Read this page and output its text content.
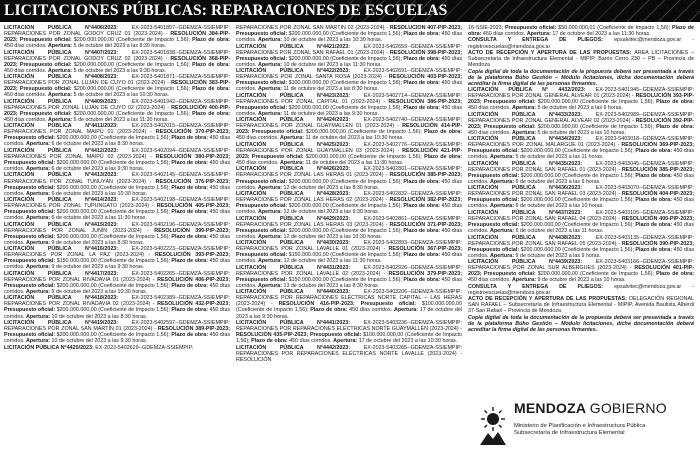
LICITACIONES PÚBLICAS: REPARACIONES DE ESCUELAS

LICITACIÓN PÚBLICA N°4406/2023: EX-2023-5401807--GDEMZA-SSIEMPIP: REPARACIONES POR ZONAL GODOY CRUZ 01 (2023-2024) - RESOLUCIÓN 384-PIP-2023; Presupuesto oficial: $200.000.000,00 (Coeficiente de Impacto 1,56); Plazo de obra: 450 días corridos. Apertura: 5 de octubre del 2023 a las 8:30 horas.

LICITACIÓN PÚBLICA N°4407/2023: EX-2023-5401838--GDEMZA-SSIEMPIP: REPARACIONES POR ZONAL GODOY CRUZ 02 (2023-2024) - RESOLUCIÓN 368-PIP-2023; Presupuesto oficial: $200.000.000,00 (Coeficiente de Impacto 1,56); Plazo de obra: 450 días corridos. Apertura: 5 de octubre del 2023 a las 9:30 horas.

LICITACIÓN PÚBLICA N°4408/2023: EX-2023-5401871--GDEMZA-SSIEMPIP: REPARACIONES POR ZONAL LUJÁN DE CUYO 01 (2023-2024) - RESOLUCIÓN 383-PIP-2023; Presupuesto oficial: $200.000.000,00 (Coeficiente de Impacto 1,56); Plazo de obra: 450 días corridos. Apertura: 5 de octubre del 2023 a las 10:30 horas.

LICITACIÓN PÚBLICA N°4409/2023: EX-2023-5401942--GDEMZA-SSIEMPIP: REPARACIONES POR ZONAL LUJÁN DE CUYO 02 (2023-2024) - RESOLUCIÓN 400-PIP-2023; Presupuesto oficial: $200.000.000,00 (Coeficiente de Impacto 1,56); Plazo de obra: 450 días corridos. Apertura: 5 de octubre del 2023 a las 11:30 horas.

LICITACIÓN PÚBLICA N°4411/2023: EX-2023-5402015--GDEMZA-SSIEMPIP: REPARACIONES POR ZONAL MAIPÚ 01 (2023-2024) - RESOLUCIÓN 370-PIP-2023; Presupuesto oficial: $200.000.000,00 (Coeficiente de Impacto 1,56); Plazo de obra: 450 días corridos. Apertura: 6 de octubre del 2023 a las 8:30 horas.

LICITACIÓN PÚBLICA N°4412/2023: EX-2023-5402094--GDEMZA-SSIEMPIP: REPARACIONES POR ZONAL MAIPÚ 02 (2023-2024) - RESOLUCIÓN 380-PIP-2023; Presupuesto oficial: $200.000.000,00 (Coeficiente de Impacto 1,56); Plazo de obra: 450 días corridos. Apertura: 6 de octubre del 2023 a las 9:30 horas.

LICITACIÓN PÚBLICA N°4413/2023: EX-2023-5402145--GDEMZA-SSIEMPIP: REPARACIONES POR ZONAL TUNUYÁN (2023-2024) - RESOLUCIÓN 376-PIP-2023; Presupuesto oficial: $200.000.000,00 (Coeficiente de Impacto 1,56); Plazo de obra: 450 días corridos. Apertura: 6 de octubre del 2023 a las 10:30 horas.

LICITACIÓN PÚBLICA N°4414/2023: EX-2023-5402198--GDEMZA-SSIEMPIP: REPARACIONES POR ZONAL TUPUNGATO (2023-2024) - RESOLUCIÓN 405-PIP-2023; Presupuesto oficial: $200.000.000,00 (Coeficiente de Impacto 1,56); Plazo de obra: 450 días corridos. Apertura: 6 de octubre del 2023 a las 11:30 horas.

LICITACIÓN PÚBLICA N°4415/2023: EX-2023-5402196--GDEMZA-SSIEMPIP: REPARACIONES POR ZONAL JUNÍN (2023-2024) - RESOLUCIÓN 399-PIP-2023; Presupuesto oficial: $200.000.000,00 (Coeficiente de Impacto 1,56); Plazo de obra: 450 días corridos. Apertura: 9 de octubre del 2023 a las 8:30 horas.

LICITACIÓN PÚBLICA N°4416/2023: EX-2023-5402223--GDEMZA-SSIEMPIP: REPARACIONES POR ZONAL LA PAZ (2023-2024) - RESOLUCIÓN 393-PIP-2023; Presupuesto oficial: $150.000.000,00 (Coeficiente de Impacto 1,56); Plazo de obra: 450 días corridos. Apertura: 9 de octubre del 2023 a las 9:30 horas.

LICITACIÓN PÚBLICA N°4417/2023: EX-2023-5402265--GDEMZA-SSIEMPIP: REPARACIONES POR ZONAL RIVADAVIA 01 (2023-2024) - RESOLUCIÓN 406-PIP-2023; Presupuesto oficial: $200.000.000,00 (Coeficiente de Impacto 1,56); Plazo de obra: 450 días corridos. Apertura: 9 de octubre del 2023 a las 10:30 horas.

LICITACIÓN PÚBLICA N°4418/2023: EX-2023-5402389--GDEMZA-SSIEMPIP: REPARACIONES POR ZONAL RIVADAVIA 02 (2023-2024) - RESOLUCIÓN 432-PIP-2023; Presupuesto oficial: $200.000.000,00 (Coeficiente de Impacto 1,56); Plazo de obra: 450 días corridos. Apertura: 10 de octubre del 2023 a las 8:30 horas.

LICITACIÓN PÚBLICA N°4419/2023: EX-2023-5402597--GDEMZA-SSIEMPIP: REPARACIONES POR ZONAL SAN MARTÍN 01 (2023-2024) - RESOLUCIÓN 389-PIP-2023; Presupuesto oficial: $200.000.000,00 (Coeficiente de Impacto 1,56); Plazo de obra: 450 días corridos. Apertura: 10 de octubre del 2023 a las 9:30 horas.

LICITACIÓN PÚBLICA N°4420/2023: EX-2023-5402629--GDEMZA-SSIEMPIP:

REPARACIONES POR ZONAL SAN MARTÍN 02 (2023-2024) - RESOLUCIÓN 407-PIP-2023; Presupuesto oficial: $200.000.000,00 (Coeficiente de Impacto 1,56); Plazo de obra: 450 días corridos. Apertura: 10 de octubre del 2023 a las 10:30 horas.

LICITACIÓN PÚBLICA N°4421/2023: EX-2023-5402659--GDEMZA-SSIEMPIP: REPARACIONES POR ZONAL SAN RAFAEL 01 (2023-2024) - RESOLUCIÓN 398-PIP-2023; Presupuesto oficial: $200.000.000,00 (Coeficiente de Impacto 1,56); Plazo de obra: 450 días corridos. Apertura: 10 de octubre del 2023 a las 11:30 horas.

LICITACIÓN PÚBLICA N°4422/2023: EX-2023-5402691--GDEMZA-SSIEMPIP: REPARACIONES POR ZONAL SANTA ROSA (2023-2024) - RESOLUCIÓN 403-PIP-2023; Presupuesto oficial: $100.000.000,00 (Coeficiente de Impacto 1,56); Plazo de obra: 450 días corridos. Apertura: 11 de octubre del 2023 a las 8:30 horas.

LICITACIÓN PÚBLICA N°4423/2023: EX-2023-5402714--GDEMZA-SSIEMPIP: REPARACIONES POR ZONAL CAPITAL 01 (2023-2024) - RESOLUCIÓN 386-PIP-2023; Presupuesto oficial: $200.000.000,00 (Coeficiente de Impacto 1,56); Plazo de obra: 450 días corridos. Apertura: 11 de octubre del 2023 a las 9:30 horas.

LICITACIÓN PÚBLICA N°4424/2023: EX-2023-5402740--GDEMZA-SSIEMPIP: REPARACIONES POR ZONAL GUAYMALLÉN 01 (2023-2024) - RESOLUCIÓN 414-PIP-2023; Presupuesto oficial: $200.000.000,00 (Coeficiente de Impacto 1,56); Plazo de obra: 450 días corridos. Apertura: 11 de octubre del 2023 a las 10:30 horas.

LICITACIÓN PÚBLICA N°4425/2023: EX-2023-5402776--GDEMZA-SSIEMPIP: REPARACIONES POR ZONAL GUAYMALLÉN 03 (2023-2024) - RESOLUCIÓN 421-PIP-2023; Presupuesto oficial: $200.000.000,00 (Coeficiente de Impacto 1,56); Plazo de obra: 450 días corridos. Apertura: 11 de octubre del 2023 a las 11:30 horas.

LICITACIÓN PÚBLICA N°4426/2023: EX-2023-5402801--GDEMZA-SSIEMPIP: REPARACIONES POR ZONAL LAS HERAS 01 (2023-2024) - RESOLUCIÓN 385-PIP-2023; Presupuesto oficial: $200.000.000,00 (Coeficiente de Impacto 1,56); Plazo de obra: 450 días corridos. Apertura: 12 de octubre del 2023 a las 8:30 horas.

LICITACIÓN PÚBLICA N°4428/2023: EX-2023-5402832--GDEMZA-SSIEMPIP: REPARACIONES POR ZONAL LAS HERAS 02 (2023-2024) - RESOLUCIÓN 382-PIP-2023; Presupuesto oficial: $200.000.000,00 (Coeficiente de Impacto 1,56); Plazo de obra: 450 días corridos. Apertura: 12 de octubre del 2023 a las 9:30 horas.

LICITACIÓN PÚBLICA N°4429/2023: EX-2023-5402861--GDEMZA-SSIEMPIP: REPARACIONES POR ZONAL LAS HERAS 03 (2023-2024) - RESOLUCIÓN 371-PIP-2023; Presupuesto oficial: $200.000.000,00 (Coeficiente de Impacto 1,56); Plazo de obra: 450 días corridos. Apertura: 12 de octubre del 2023 a las 10:30 horas.

LICITACIÓN PÚBLICA N°4430/2023: EX-2023-5402893--GDEMZA-SSIEMPIP: REPARACIONES POR ZONAL LAVALLE 01 (2023-2024) - RESOLUCIÓN 367-PIP-2023; Presupuesto oficial: $150.000.000,00 (Coeficiente de Impacto 1,56); Plazo de obra: 450 días corridos. Apertura: 12 de octubre del 2023 a las 11:30 horas.

LICITACIÓN PÚBLICA N°4431/2023: EX-2023-5402926--GDEMZA-SSIEMPIP: REPARACIONES POR ZONAL LAVALLE 02 (2023-2024) - RESOLUCIÓN 379-PIP-2023; Presupuesto oficial: $150.000.000,00 (Coeficiente de Impacto 1,56); Plazo de obra: 450 días corridos. Apertura: 13 de octubre del 2023 a las 8:30 horas.

LICITACIÓN PÚBLICA N°4440/2023: EX-2023-5403206--GDEMZA-SSIEMPIP: REPARACIONES POR REPARACIONES ELÉCTRICAS NORTE CAPITAL – LAS HERAS (2023-2024) - RESOLUCIÓN 416-PIP-2023; Presupuesto oficial: $100.000.000,00 (Coeficiente de Impacto 1,56); Plazo de obra: 450 días corridos. Apertura: 17 de octubre del 2023 a las 9:30 horas.

LICITACIÓN PÚBLICA N°4441/2023: EX-2023-5403236--GDEMZA-SSIEMPIP: REPARACIONES POR REPARACIONES ELÉCTRICAS NORTE GUAYMALLÉN (2023-2024) - RESOLUCIÓN 435-PIP-2023; Presupuesto oficial: $100.000.000,00 (Coeficiente de Impacto 1,56); Plazo de obra: 450 días corridos. Apertura: 17 de octubre del 2023 a las 10:30 horas.

LICITACIÓN PÚBLICA N°4442/2023: EX-2023-5403265--GDEMZA-SSIEMPIP: REPARACIONES POR REPARACIONES ELÉCTRICAS NORTE LAVALLE (2023-2024) - RESOLUCIÓN

16-SSIE-2023; Presupuesto oficial: $50.000.000,01 (Coeficiente de Impacto 1,56); Plazo de obra: 450 días corridos. Apertura: 17 de octubre del 2023 a las 11:30 horas.

CONSULTA Y ENTREGA DE PLIEGOS: epsalvitec@mendoza.gov.ar - registroescuelas@mendoza.gov.ar

ACTO DE RECEPCIÓN Y APERTURA DE LAS PROPUESTAS: ÁREA LICITACIONES – Subsecretaría de Infraestructura Elemental - MIPIP, Barrio Cerro 230 – PB – Provincia de Mendoza

Copia digital de toda la documentación de la propuesta deberá ser presentada a través de la plataforma Búho Gestión – Módulo licitaciones, dicha documentación deberá acreditar la firma digital de las personas firmantes.

LICITACIÓN PÚBLICA N° 4432/2023: EX-2023-5401945--GDEMZA-SSIEMPIP: REPARACIONES POR ZONAL GENERAL ALVEAR 01 (2023-2024) - RESOLUCIÓN 393-PIP-2023; Presupuesto oficial: $200.000.000,00 (Coeficiente de Impacto 1,56); Plazo de obra: 450 días corridos. Apertura: 5 de octubre del 2023 a las 9 horas.

LICITACIÓN PÚBLICA N°4433/2023: EX-2023-5402989--GDEMZA-SSIEMPIP: REPARACIONES POR ZONAL GENERAL ALVEAR 02 (2023-2024) - RESOLUCIÓN 392-PIP-2023; Presupuesto oficial: $200.000.000,00 (Coeficiente de Impacto 1,56); Plazo de obra: 450 días corridos. Apertura: 5 de octubre del 2023 a las 10 horas.

LICITACIÓN PÚBLICA N°4434/2023: EX-2023-5403018--GDEMZA-SSIEMPIP: REPARACIONES POR ZONAL MALARGÜE 01 (2023-2024) - RESOLUCIÓN 369-PIP-2023; Presupuesto oficial: $200.000.000,00 (Coeficiente de Impacto 1,56); Plazo de obra: 450 días corridos. Apertura: 5 de octubre del 2023 a las 11 horas.

LICITACIÓN PÚBLICA N°4435/2023: EX-2023-5403045--GDEMZA-SSIEMPIP: REPARACIONES POR ZONAL SAN RAFAEL 01 (2023-2024) - RESOLUCIÓN 385-PIP-2023; Presupuesto oficial: $200.000.000,00 (Coeficiente de Impacto 1,56); Plazo de obra: 450 días corridos. Apertura: 6 de octubre del 2023 a las 9 horas.

LICITACIÓN PÚBLICA N°4436/2023: EX-2023-5403070--GDEMZA-SSIEMPIP: REPARACIONES POR ZONAL SAN RAFAEL 03 (2023-2024) - RESOLUCIÓN 404-PIP-2023; Presupuesto oficial: $200.000.000,00 (Coeficiente de Impacto 1,56); Plazo de obra: 450 días corridos. Apertura: 6 de octubre del 2023 a las 10 horas.

LICITACIÓN PÚBLICA N°4437/2023: EX-2023-5403105--GDEMZA-SSIEMPIP: REPARACIONES POR ZONAL SAN RAFAEL 04 (2023-2024) - RESOLUCIÓN 400-PIP-2023; Presupuesto oficial: $200.000.000,00 (Coeficiente de Impacto 1,56); Plazo de obra: 450 días corridos. Apertura: 6 de octubre del 2023 a las 11 horas.

LICITACIÓN PÚBLICA N°4438/2023: EX-2023-5403135--GDEMZA-SSIEMPIP: REPARACIONES POR ZONAL SAN RAFAEL 05 (2023-2024) - RESOLUCIÓN 390-PIP-2023; Presupuesto oficial: $200.000.000,00 (Coeficiente de Impacto 1,56); Plazo de obra: 450 días corridos. Apertura: 9 de octubre del 2023 a las 9 horas.

LICITACIÓN PÚBLICA N°4439/2023: EX-2023-5403166--GDEMZA-SSIEMPIP: REPARACIONES POR ZONAL SUR ALBERGUES (2023-2024) - RESOLUCIÓN 401-PIP-2023; Presupuesto oficial: $200.000.000,00 (Coeficiente de Impacto 1,56); Plazo de obra: 450 días corridos. Apertura: 9 de octubre del 2023 a las 10 horas.

CONSULTA Y ENTREGA DE PLIEGOS: epsalvitec@mendoza.gov.ar - registroescuelas@mendoza.gov.ar

ACTO DE RECEPCIÓN Y APERTURA DE LAS PROPUESTAS: DELEGACIÓN REGIONAL SAN RAFAEL – Subsecretaría de Infraestructura Elemental - MIPIP, Avenida Bautista Alberdi 37-San Rafael – Provincia de Mendoza

Copia digital de toda la documentación de la propuesta deberá ser presentada a través de la plataforma Búho Gestión – Módulo licitaciones, dicha documentación deberá acreditar la firma digital de las personas firmantes.

MENDOZA GOBIERNO
Ministerio de Planificación e Infraestructura Pública
Subsecretaría de Infraestructura Elemental
